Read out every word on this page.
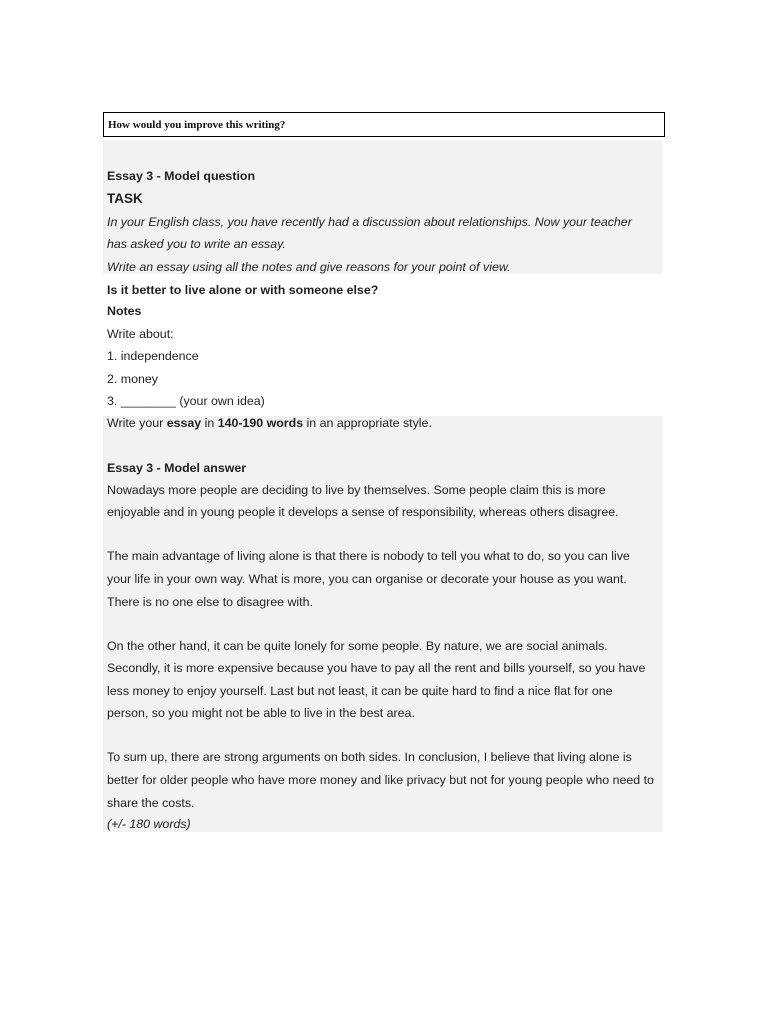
How would you improve this writing?
Essay 3 - Model question
TASK
In your English class, you have recently had a discussion about relationships. Now your teacher
has asked you to write an essay.
Write an essay using all the notes and give reasons for your point of view.
Is it better to live alone or with someone else?
Notes
Write about:
1. independence
2. money
3. ________ (your own idea)
Write your essay in 140-190 words in an appropriate style.
Essay 3 - Model answer
Nowadays more people are deciding to live by themselves. Some people claim this is more
enjoyable and in young people it develops a sense of responsibility, whereas others disagree.
The main advantage of living alone is that there is nobody to tell you what to do, so you can live
your life in your own way. What is more, you can organise or decorate your house as you want.
There is no one else to disagree with.
On the other hand, it can be quite lonely for some people. By nature, we are social animals.
Secondly, it is more expensive because you have to pay all the rent and bills yourself, so you have
less money to enjoy yourself. Last but not least, it can be quite hard to find a nice flat for one
person, so you might not be able to live in the best area.
To sum up, there are strong arguments on both sides. In conclusion, I believe that living alone is
better for older people who have more money and like privacy but not for young people who need to
share the costs.
(+/- 180 words)
